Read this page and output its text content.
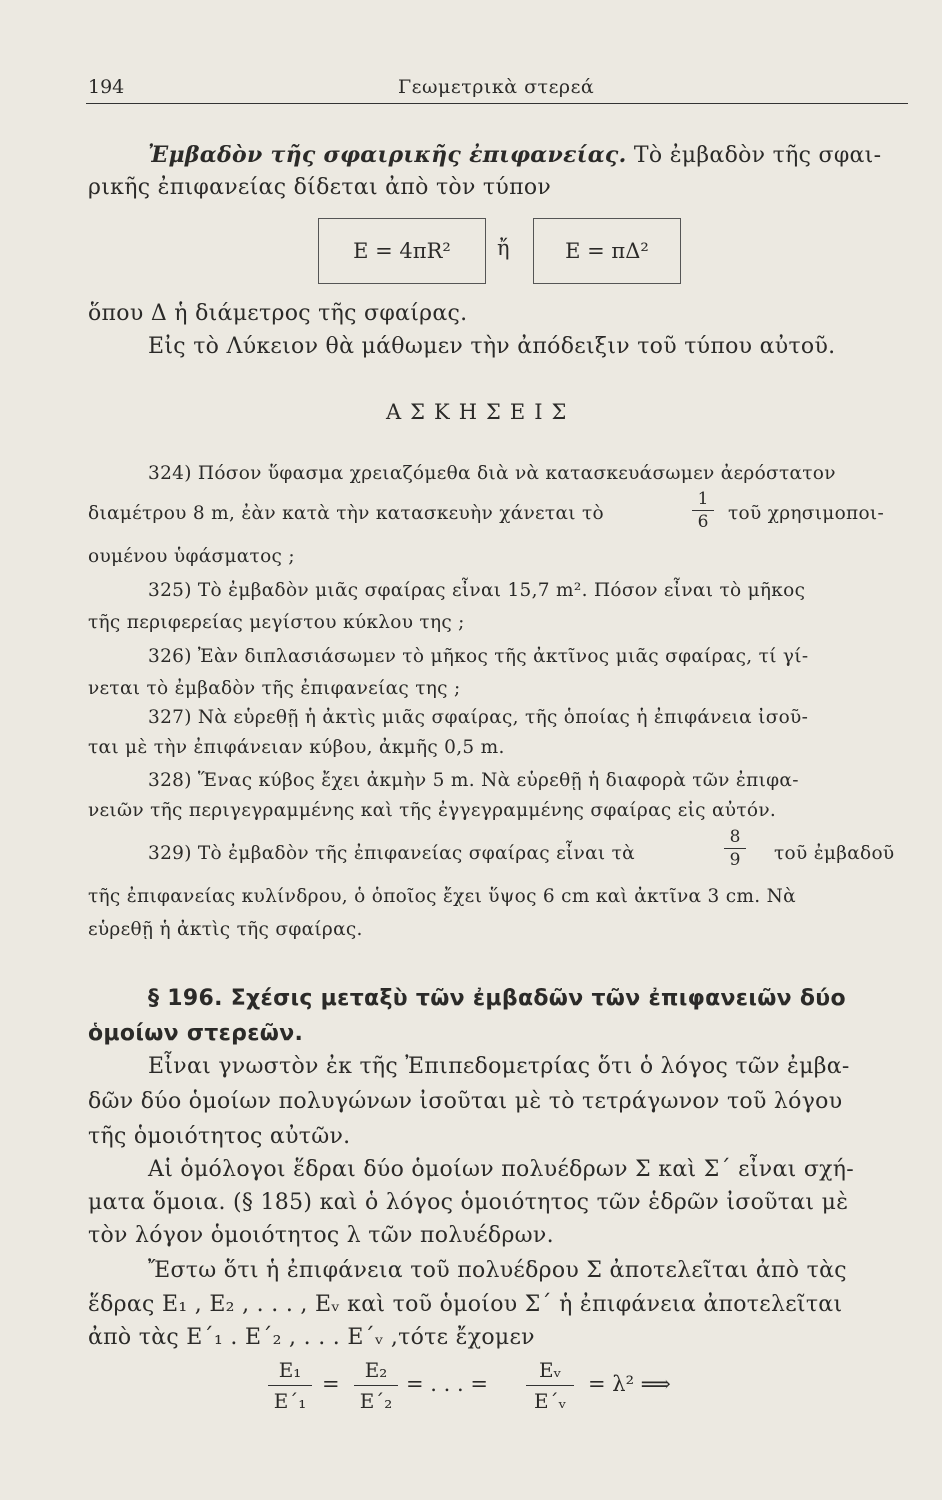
194	Γεωμετρικὰ στερεά
Ἐμβαδὸν τῆς σφαιρικῆς ἐπιφανείας. Τὸ ἐμβαδὸν τῆς σφαι-
ρικῆς ἐπιφανείας δίδεται ἀπὸ τὸν τύπον
Ε = 4πR²	ἤ	Ε = πΔ²
ὅπου Δ ἡ διάμετρος τῆς σφαίρας.
Εἰς τὸ Λύκειον θὰ μάθωμεν τὴν ἀπόδειξιν τοῦ τύπου αὐτοῦ.
ΑΣΚΗΣΕΙΣ
324) Πόσον ὕφασμα χρειαζόμεθα διὰ νὰ κατασκευάσωμεν ἀερόστατον
διαμέτρου 8 m, ἐὰν κατὰ τὴν κατασκευὴν χάνεται τὸ
1
6	τοῦ χρησιμοποι-
ουμένου ὑφάσματος ;
325) Τὸ ἐμβαδὸν μιᾶς σφαίρας εἶναι 15,7 m². Πόσον εἶναι τὸ μῆκος
τῆς περιφερείας μεγίστου κύκλου της ;
326) Ἐὰν διπλασιάσωμεν τὸ μῆκος τῆς ἀκτῖνος μιᾶς σφαίρας, τί γί-
νεται τὸ ἐμβαδὸν τῆς ἐπιφανείας της ;
327) Νὰ εὑρεθῇ ἡ ἀκτὶς μιᾶς σφαίρας, τῆς ὁποίας ἡ ἐπιφάνεια ἰσοῦ-
ται μὲ τὴν ἐπιφάνειαν κύβου, ἀκμῆς 0,5 m.
328) Ἕνας κύβος ἔχει ἀκμὴν 5 m. Νὰ εὑρεθῇ ἡ διαφορὰ τῶν ἐπιφα-
νειῶν τῆς περιγεγραμμένης καὶ τῆς ἐγγεγραμμένης σφαίρας εἰς αὐτόν.
329) Τὸ ἐμβαδὸν τῆς ἐπιφανείας σφαίρας εἶναι τὰ
8
9	τοῦ ἐμβαδοῦ
τῆς ἐπιφανείας κυλίνδρου, ὁ ὁποῖος ἔχει ὕψος 6 cm καὶ ἀκτῖνα 3 cm. Νὰ
εὑρεθῇ ἡ ἀκτὶς τῆς σφαίρας.
§ 196. Σχέσις μεταξὺ τῶν ἐμβαδῶν τῶν ἐπιφανειῶν δύο
ὁμοίων στερεῶν.
Εἶναι γνωστὸν ἐκ τῆς Ἐπιπεδομετρίας ὅτι ὁ λόγος τῶν ἐμβα-
δῶν δύο ὁμοίων πολυγώνων ἰσοῦται μὲ τὸ τετράγωνον τοῦ λόγου
τῆς ὁμοιότητος αὐτῶν.
Αἱ ὁμόλογοι ἕδραι δύο ὁμοίων πολυέδρων Σ καὶ Σ΄ εἶναι σχή-
ματα ὅμοια. (§ 185) καὶ ὁ λόγος ὁμοιότητος τῶν ἑδρῶν ἰσοῦται μὲ
τὸν λόγον ὁμοιότητος λ τῶν πολυέδρων.
Ἔστω ὅτι ἡ ἐπιφάνεια τοῦ πολυέδρου Σ ἀποτελεῖται ἀπὸ τὰς
ἕδρας Ε₁ , Ε₂ , . . . , Εᵥ καὶ τοῦ ὁμοίου Σ΄ ἡ ἐπιφάνεια ἀποτελεῖται
ἀπὸ τὰς Ε΄₁ . Ε΄₂ , . . . Ε΄ᵥ ,τότε ἔχομεν
Ε₁
Ε΄₁
=
Ε₂
Ε΄₂
= . . . =
Εᵥ
Ε΄ᵥ
= λ² ⟹
